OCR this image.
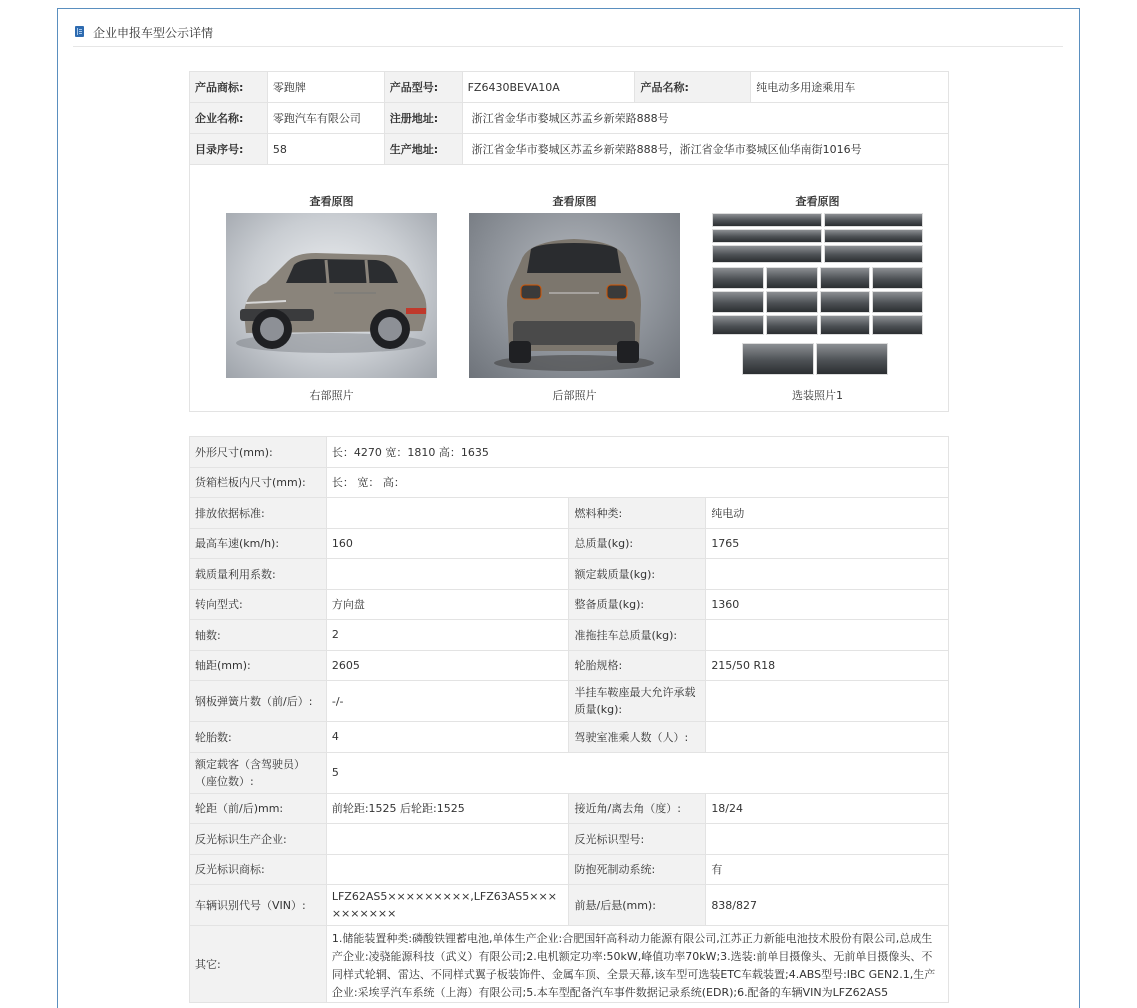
企业申报车型公示详情
产品商标:	零跑牌	产品型号:	FZ6430BEVA10A	产品名称:	纯电动多用途乘用车
企业名称:	零跑汽车有限公司	注册地址:	浙江省金华市婺城区苏孟乡新荣路888号		
目录序号:	58	生产地址:	浙江省金华市婺城区苏孟乡新荣路888号，浙江省金华市婺城区仙华南街1016号		
查看原图
右部照片
查看原图
后部照片
查看原图
选装照片1
外形尺寸(mm):	长：4270 宽：1810 高：1635		
货箱栏板内尺寸(mm):	长： 宽： 高：		
排放依据标准:		燃料种类:	纯电动
最高车速(km/h):	160	总质量(kg):	1765
载质量利用系数:		额定载质量(kg):	
转向型式:	方向盘	整备质量(kg):	1360
轴数:	2	准拖挂车总质量(kg):	
轴距(mm):	2605	轮胎规格:	215/50 R18
钢板弹簧片数（前/后）:	-/-	半挂车鞍座最大允许承载质量(kg):	
轮胎数:	4	驾驶室准乘人数（人）:	
额定载客（含驾驶员）（座位数）:	5		
轮距（前/后)mm:	前轮距:1525 后轮距:1525	接近角/离去角（度）:	18/24
反光标识生产企业:		反光标识型号:	
反光标识商标:		防抱死制动系统:	有
车辆识别代号（VIN）:	LFZ62AS5×××××××××,LFZ63AS5××××××××××	前悬/后悬(mm):	838/827
其它:	1.储能装置种类:磷酸铁锂蓄电池,单体生产企业:合肥国轩高科动力能源有限公司,江苏正力新能电池技术股份有限公司,总成生产企业:凌骁能源科技（武义）有限公司;2.电机额定功率:50kW,峰值功率70kW;3.选装:前单目摄像头、无前单目摄像头、不同样式轮辋、雷达、不同样式翼子板装饰件、金属车顶、全景天幕,该车型可选装ETC车载装置;4.ABS型号:IBC GEN2.1,生产企业:采埃孚汽车系统（上海）有限公司;5.本车型配备汽车事件数据记录系统(EDR);6.配备的车辆VIN为LFZ62AS5		
